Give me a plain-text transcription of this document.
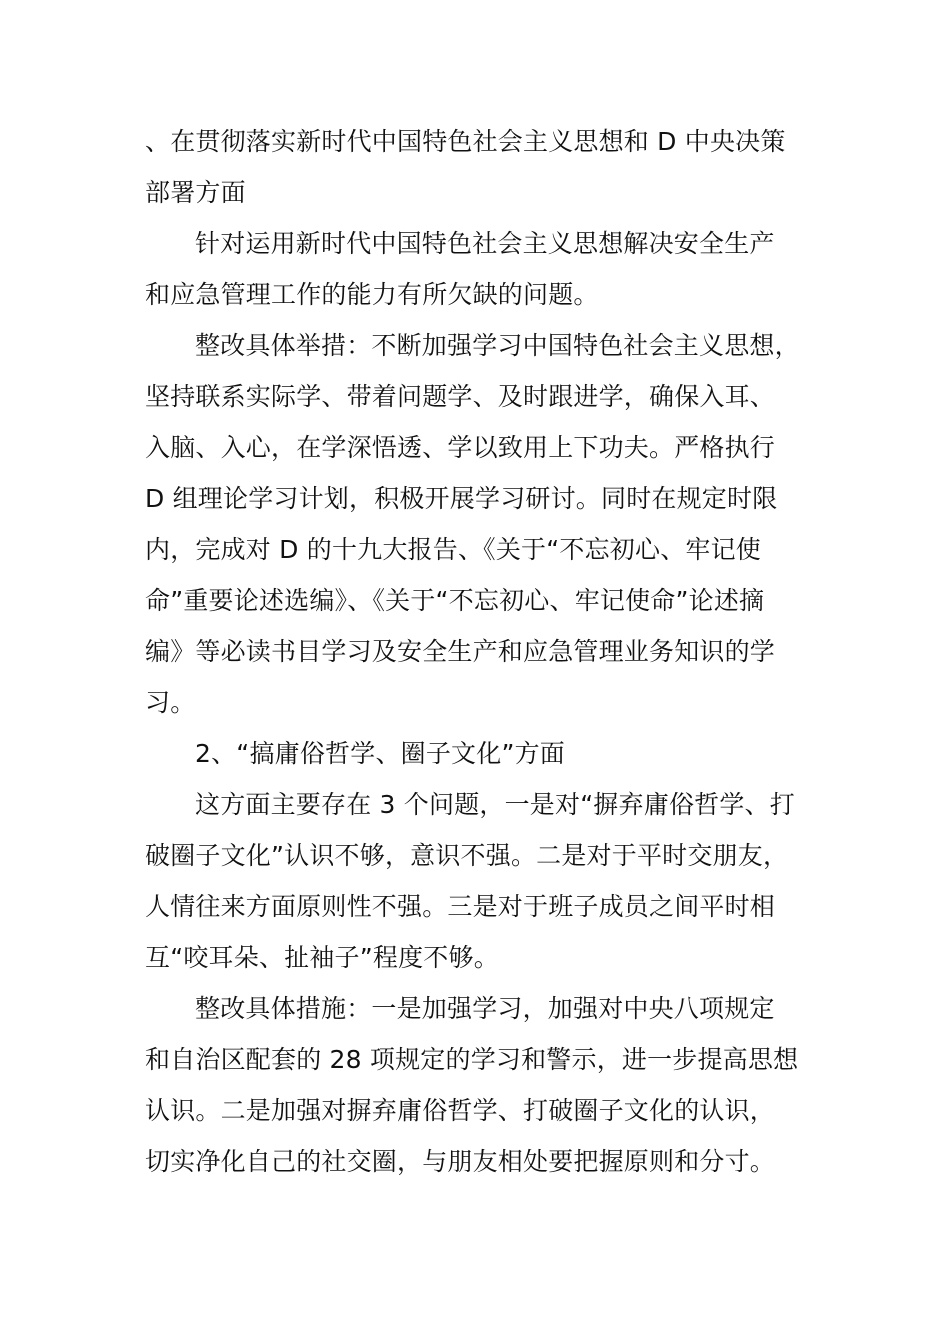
、在贯彻落实新时代中国特色社会主义思想和 D 中央决策
部署方面
针对运用新时代中国特色社会主义思想解决安全生产
和应急管理工作的能力有所欠缺的问题。
整改具体举措：不断加强学习中国特色社会主义思想，
坚持联系实际学、带着问题学、及时跟进学，确保入耳、
入脑、入心，在学深悟透、学以致用上下功夫。严格执行
D 组理论学习计划，积极开展学习研讨。同时在规定时限
内，完成对 D 的十九大报告、《关于“不忘初心、牢记使
命”重要论述选编》、《关于“不忘初心、牢记使命”论述摘
编》等必读书目学习及安全生产和应急管理业务知识的学
习。
2、“搞庸俗哲学、圈子文化”方面
这方面主要存在 3 个问题，一是对“摒弃庸俗哲学、打
破圈子文化”认识不够，意识不强。二是对于平时交朋友，
人情往来方面原则性不强。三是对于班子成员之间平时相
互“咬耳朵、扯袖子”程度不够。
整改具体措施：一是加强学习，加强对中央八项规定
和自治区配套的 28 项规定的学习和警示，进一步提高思想
认识。二是加强对摒弃庸俗哲学、打破圈子文化的认识，
切实净化自己的社交圈，与朋友相处要把握原则和分寸。
